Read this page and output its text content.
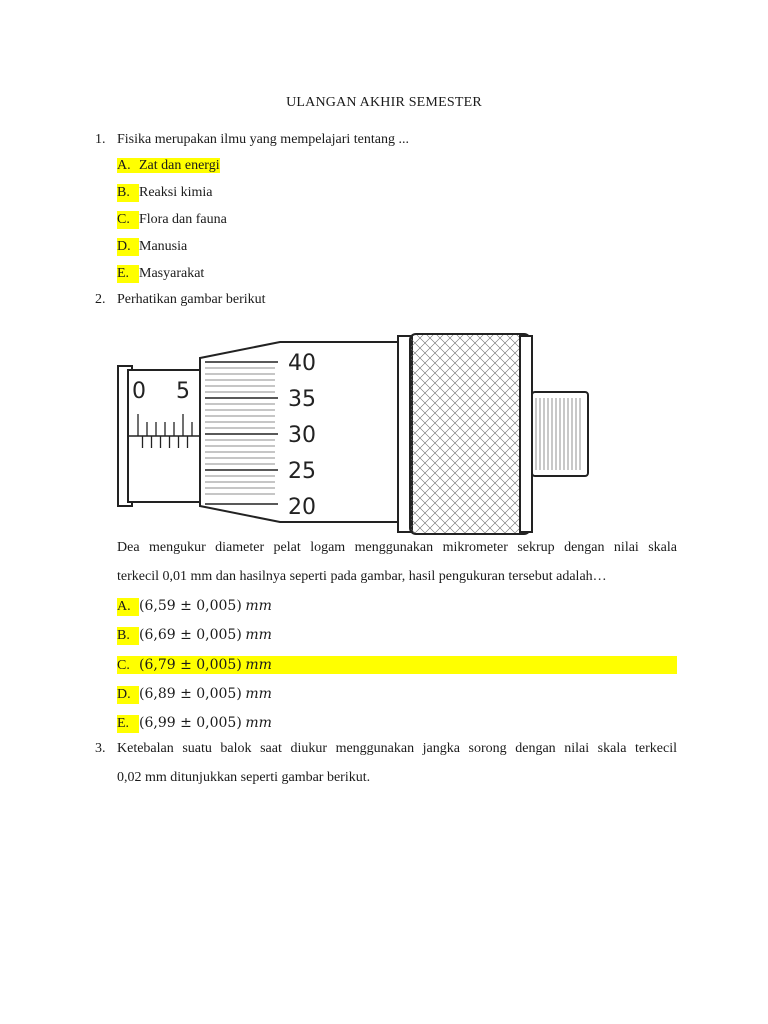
ULANGAN AKHIR SEMESTER
1. Fisika merupakan ilmu yang mempelajari tentang ...
A. Zat dan energi
B. Reaksi kimia
C. Flora dan fauna
D. Manusia
E. Masyarakat
2. Perhatikan gambar berikut
0 5
40
35
30
25
20
Dea mengukur diameter pelat logam menggunakan mikrometer sekrup dengan nilai skala
terkecil 0,01 mm dan hasilnya seperti pada gambar, hasil pengukuran tersebut adalah…
A. (6,59 ± 0,005) mm
B. (6,69 ± 0,005) mm
C. (6,79 ± 0,005) mm
D. (6,89 ± 0,005) mm
E. (6,99 ± 0,005) mm
3. Ketebalan suatu balok saat diukur menggunakan jangka sorong dengan nilai skala terkecil
0,02 mm ditunjukkan seperti gambar berikut.
